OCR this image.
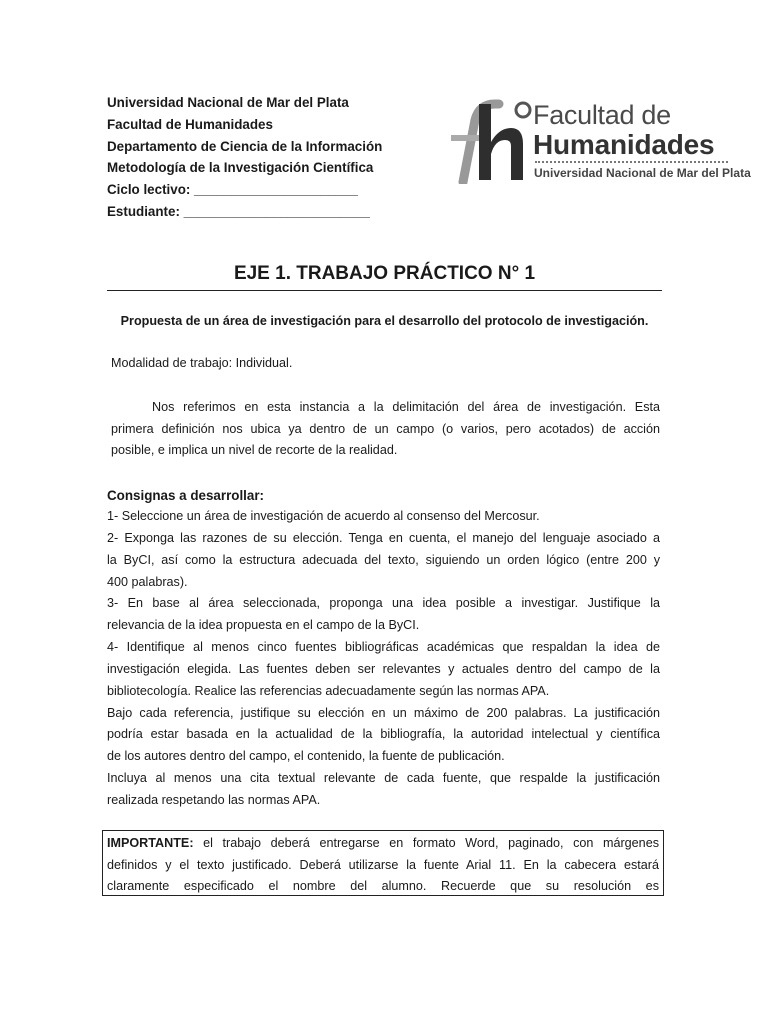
Universidad Nacional de Mar del Plata
Facultad de Humanidades
Departamento de Ciencia de la Información
Metodología de la Investigación Científica
Ciclo lectivo: ______________________
Estudiante: _________________________
Facultad de
Humanidades
Universidad Nacional de Mar del Plata
EJE 1. TRABAJO PRÁCTICO N° 1
Propuesta de un área de investigación para el desarrollo del protocolo de investigación.
Modalidad de trabajo: Individual.
Nos referimos en esta instancia a la delimitación del área de investigación. Esta
primera definición nos ubica ya dentro de un campo (o varios, pero acotados) de acción
posible, e implica un nivel de recorte de la realidad.
Consignas a desarrollar:
1- Seleccione un área de investigación de acuerdo al consenso del Mercosur.
2- Exponga las razones de su elección. Tenga en cuenta, el manejo del lenguaje asociado a
la ByCI, así como la estructura adecuada del texto, siguiendo un orden lógico (entre 200 y
400 palabras).
3- En base al área seleccionada, proponga una idea posible a investigar. Justifique la
relevancia de la idea propuesta en el campo de la ByCI.
4- Identifique al menos cinco fuentes bibliográficas académicas que respaldan la idea de
investigación elegida. Las fuentes deben ser relevantes y actuales dentro del campo de la
bibliotecología. Realice las referencias adecuadamente según las normas APA.
Bajo cada referencia, justifique su elección en un máximo de 200 palabras. La justificación
podría estar basada en la actualidad de la bibliografía, la autoridad intelectual y científica
de los autores dentro del campo, el contenido, la fuente de publicación.
Incluya al menos una cita textual relevante de cada fuente, que respalde la justificación
realizada respetando las normas APA.
IMPORTANTE: el trabajo deberá entregarse en formato Word, paginado, con márgenes
definidos y el texto justificado. Deberá utilizarse la fuente Arial 11. En la cabecera estará
claramente especificado el nombre del alumno. Recuerde que su resolución es
